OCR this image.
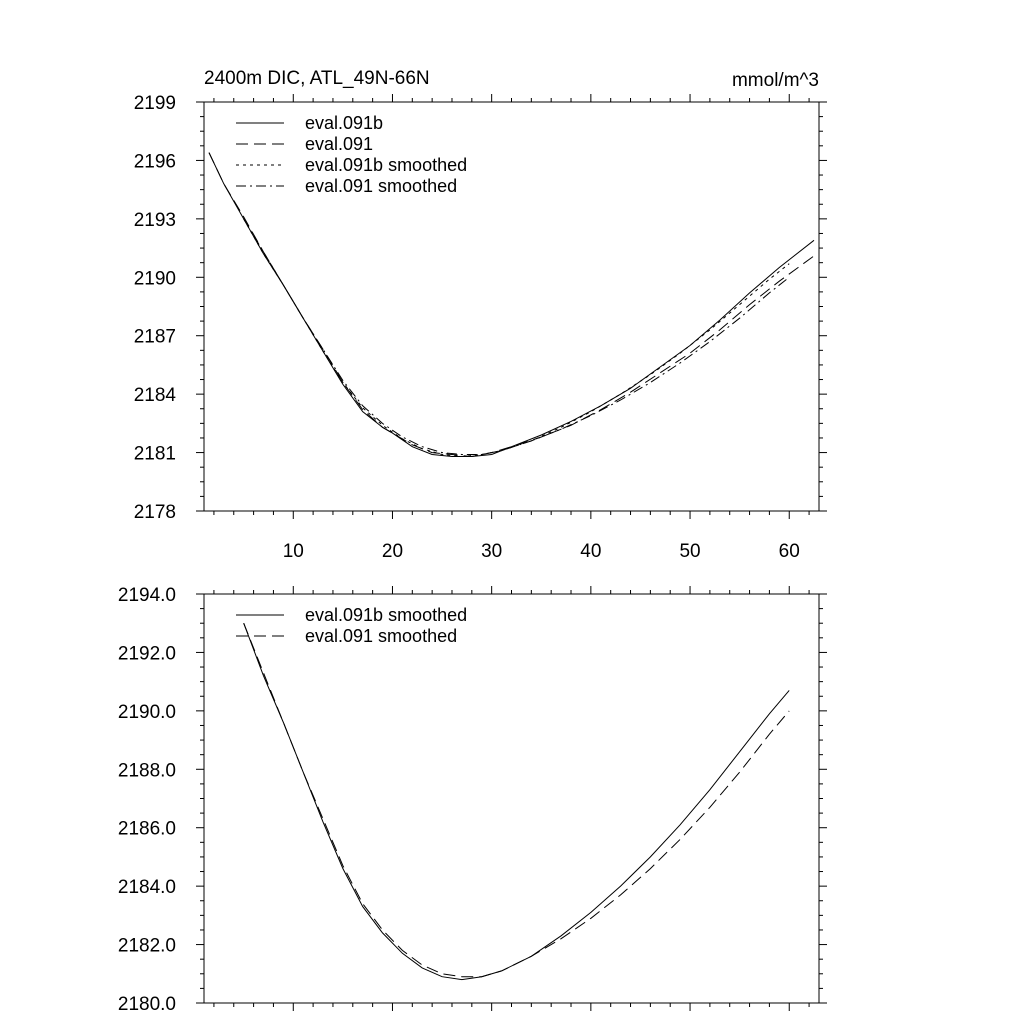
2400m DIC, ATL_49N-66N	mmol/m^3
2178
2181
2184
2187
2190
2193
2196
2199
10	20	30	40	50	60
eval.091b
eval.091
eval.091b smoothed
eval.091 smoothed
2180.0
2182.0
2184.0
2186.0
2188.0
2190.0
2192.0
2194.0
eval.091b smoothed
eval.091 smoothed
